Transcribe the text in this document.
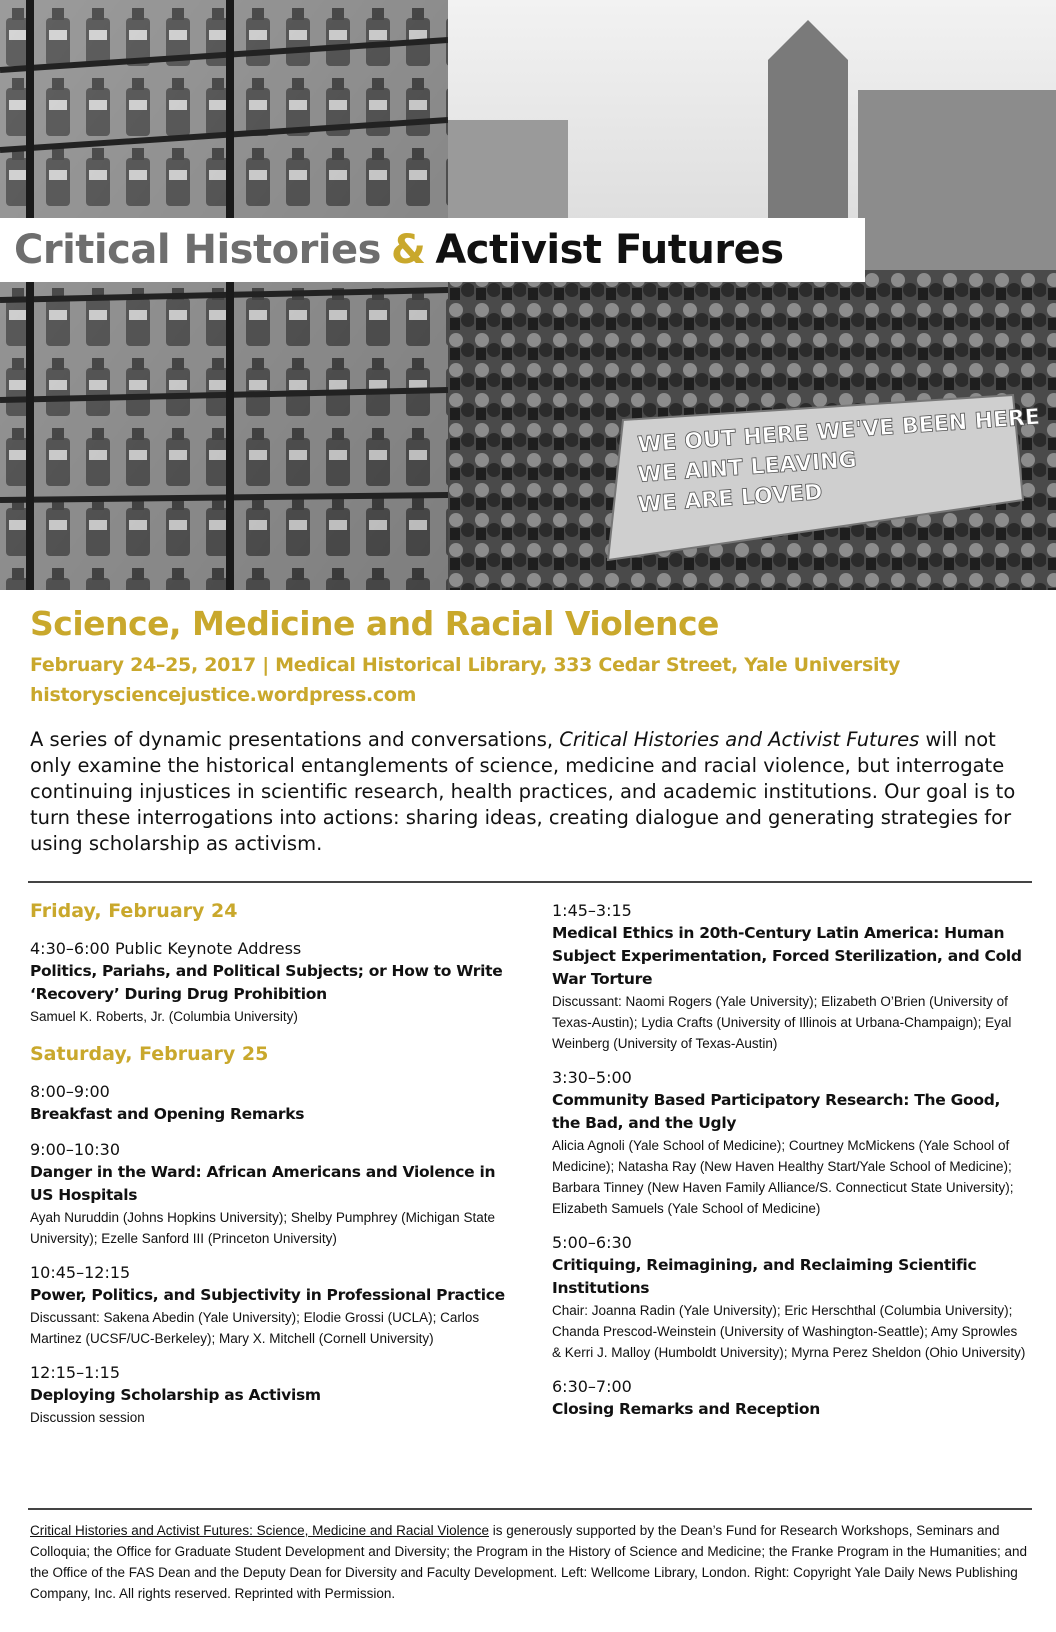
WE OUT HERE WE'VE BEEN HERE
WE AINT LEAVING
WE ARE LOVED
Critical Histories & Activist Futures
Science, Medicine and Racial Violence
February 24–25, 2017 | Medical Historical Library, 333 Cedar Street, Yale University
historysciencejustice.wordpress.com
A series of dynamic presentations and conversations, Critical Histories and Activist Futures will not only examine the historical entanglements of science, medicine and racial violence, but interrogate continuing injustices in scientific research, health practices, and academic institutions. Our goal is to turn these interrogations into actions: sharing ideas, creating dialogue and generating strategies for using scholarship as activism.
Friday, February 24
4:30–6:00 Public Keynote Address
Politics, Pariahs, and Political Subjects; or How to Write ‘Recovery’ During Drug Prohibition
Samuel K. Roberts, Jr. (Columbia University)
Saturday, February 25
8:00–9:00
Breakfast and Opening Remarks
9:00–10:30
Danger in the Ward: African Americans and Violence in US Hospitals
Ayah Nuruddin (Johns Hopkins University); Shelby Pumphrey (Michigan State University); Ezelle Sanford III (Princeton University)
10:45–12:15
Power, Politics, and Subjectivity in Professional Practice
Discussant: Sakena Abedin (Yale University); Elodie Grossi (UCLA); Carlos Martinez (UCSF/UC-Berkeley); Mary X. Mitchell (Cornell University)
12:15–1:15
Deploying Scholarship as Activism
Discussion session
1:45–3:15
Medical Ethics in 20th-Century Latin America: Human Subject Experimentation, Forced Sterilization, and Cold War Torture
Discussant: Naomi Rogers (Yale University); Elizabeth O’Brien (University of Texas-Austin); Lydia Crafts (University of Illinois at Urbana-Champaign); Eyal Weinberg (University of Texas-Austin)
3:30–5:00
Community Based Participatory Research: The Good, the Bad, and the Ugly
Alicia Agnoli (Yale School of Medicine); Courtney McMickens (Yale School of Medicine); Natasha Ray (New Haven Healthy Start/Yale School of Medicine); Barbara Tinney (New Haven Family Alliance/S. Connecticut State University); Elizabeth Samuels (Yale School of Medicine)
5:00–6:30
Critiquing, Reimagining, and Reclaiming Scientific Institutions
Chair: Joanna Radin (Yale University); Eric Herschthal (Columbia University); Chanda Prescod-Weinstein (University of Washington-Seattle); Amy Sprowles & Kerri J. Malloy (Humboldt University); Myrna Perez Sheldon (Ohio University)
6:30–7:00
Closing Remarks and Reception
Critical Histories and Activist Futures: Science, Medicine and Racial Violence is generously supported by the Dean’s Fund for Research Workshops, Seminars and Colloquia; the Office for Graduate Student Development and Diversity; the Program in the History of Science and Medicine; the Franke Program in the Humanities; and the Office of the FAS Dean and the Deputy Dean for Diversity and Faculty Development. Left: Wellcome Library, London. Right: Copyright Yale Daily News Publishing Company, Inc. All rights reserved. Reprinted with Permission.
